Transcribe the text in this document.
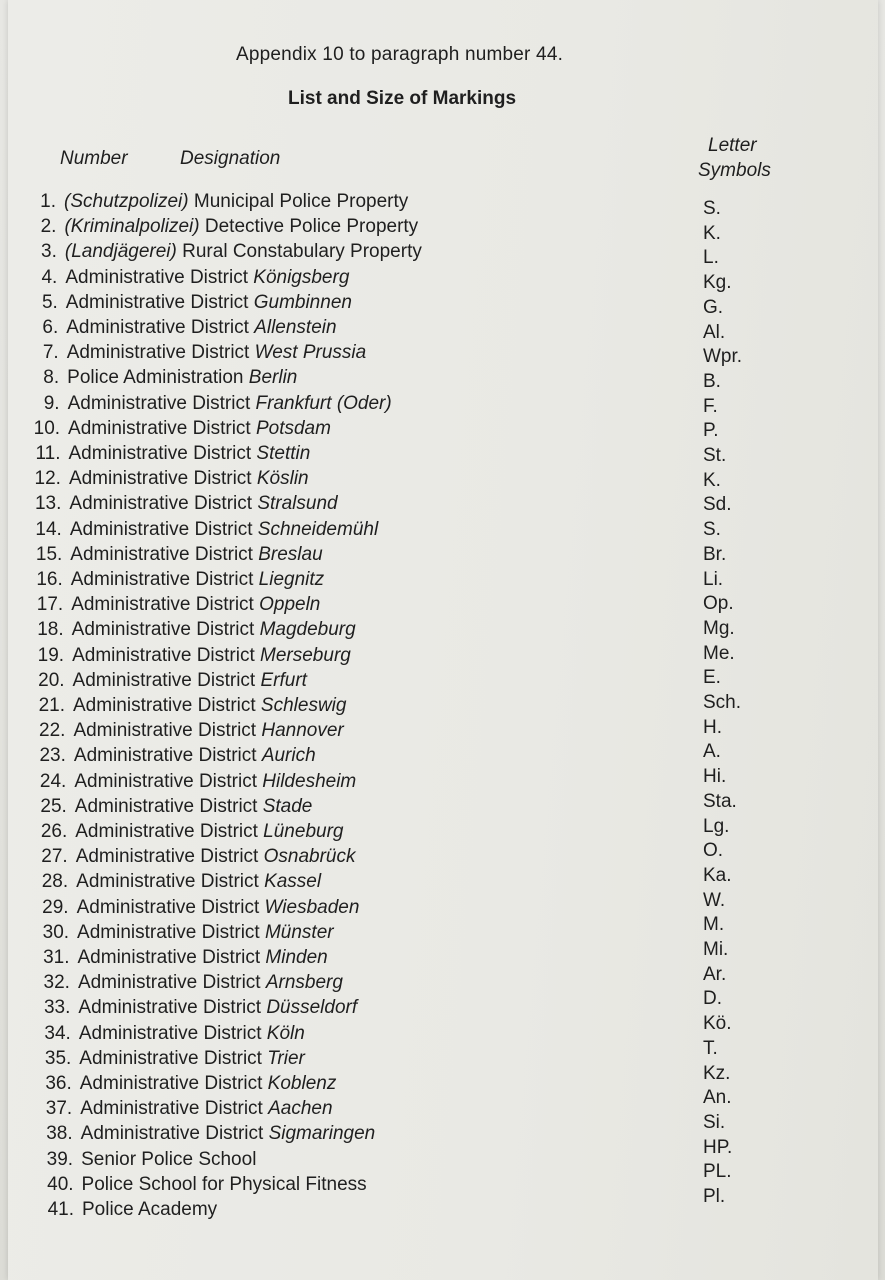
Appendix 10 to paragraph number 44.
List and Size of Markings
Number	Designation
Letter
Symbols
1. (Schutzpolizei) Municipal Police Property
2. (Kriminalpolizei) Detective Police Property
3. (Landjägerei) Rural Constabulary Property
4. Administrative District Königsberg
5. Administrative District Gumbinnen
6. Administrative District Allenstein
7. Administrative District West Prussia
8. Police Administration Berlin
9. Administrative District Frankfurt (Oder)
10. Administrative District Potsdam
11. Administrative District Stettin
12. Administrative District Köslin
13. Administrative District Stralsund
14. Administrative District Schneidemühl
15. Administrative District Breslau
16. Administrative District Liegnitz
17. Administrative District Oppeln
18. Administrative District Magdeburg
19. Administrative District Merseburg
20. Administrative District Erfurt
21. Administrative District Schleswig
22. Administrative District Hannover
23. Administrative District Aurich
24. Administrative District Hildesheim
25. Administrative District Stade
26. Administrative District Lüneburg
27. Administrative District Osnabrück
28. Administrative District Kassel
29. Administrative District Wiesbaden
30. Administrative District Münster
31. Administrative District Minden
32. Administrative District Arnsberg
33. Administrative District Düsseldorf
34. Administrative District Köln
35. Administrative District Trier
36. Administrative District Koblenz
37. Administrative District Aachen
38. Administrative District Sigmaringen
39. Senior Police School
40. Police School for Physical Fitness
41. Police Academy
S.
K.
L.
Kg.
G.
Al.
Wpr.
B.
F.
P.
St.
K.
Sd.
S.
Br.
Li.
Op.
Mg.
Me.
E.
Sch.
H.
A.
Hi.
Sta.
Lg.
O.
Ka.
W.
M.
Mi.
Ar.
D.
Kö.
T.
Kz.
An.
Si.
HP.
PL.
Pl.
